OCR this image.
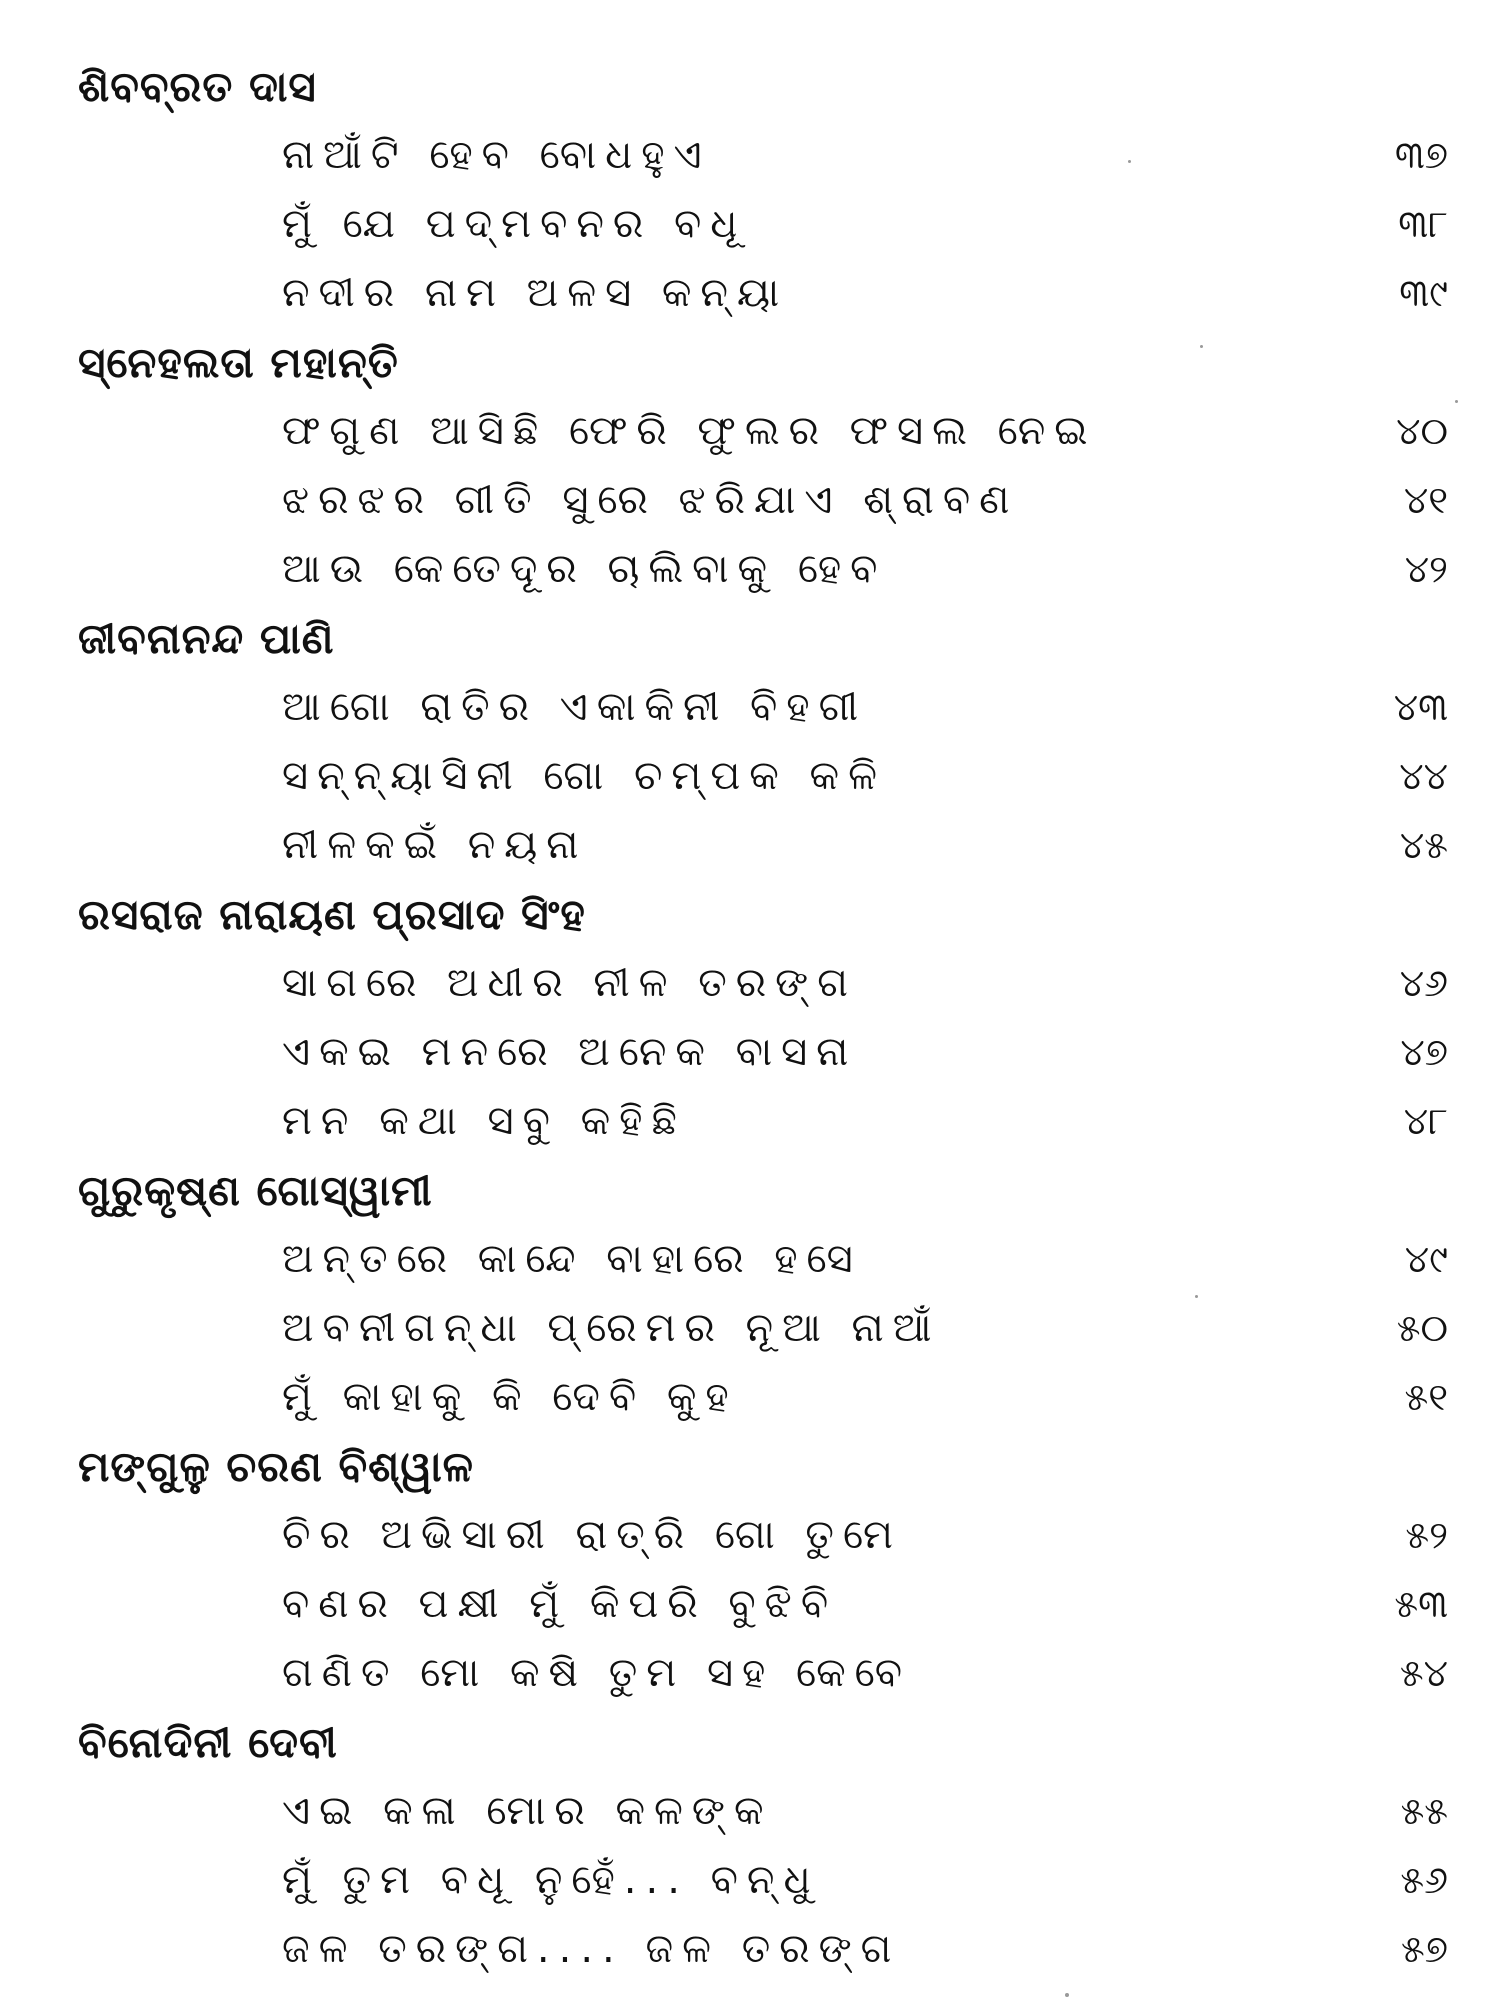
ଶିବବ୍ରତ ଦାସ
ନାଆଁଟି ହେବ ବୋଧହୁଏ	୩୭
ମୁଁ ଯେ ପଦ୍ମବନର ବଧୂ	୩୮
ନଦୀର ନାମ ଅଳସ କନ୍ୟା	୩୯
ସ୍ନେହଲତା ମହାନ୍ତି
ଫଗୁଣ ଆସିଛି ଫେରି ଫୁଲର ଫସଲ ନେଇ	୪୦
ଝରଝର ଗୀତି ସୁରେ ଝରିଯାଏ ଶ୍ରାବଣ	୪୧
ଆଉ କେତେଦୂର ଚାଲିବାକୁ ହେବ	୪୨
ଜୀବନାନନ୍ଦ ପାଣି
ଆଗୋ ରାତିର ଏକାକିନୀ ବିହଗୀ	୪୩
ସନ୍ନ୍ୟାସିନୀ ଗୋ ଚମ୍ପକ କଳି	୪୪
ନୀଳକଇଁ ନୟନା	୪୫
ରସରାଜ ନାରାୟଣ ପ୍ରସାଦ ସିଂହ
ସାଗରେ ଅଧୀର ନୀଳ ତରଙ୍ଗ	୪୬
ଏକଇ ମନରେ ଅନେକ ବାସନା	୪୭
ମନ କଥା ସବୁ କହିଛି	୪୮
ଗୁରୁକୃଷ୍ଣ ଗୋସ୍ୱାମୀ
ଅନ୍ତରେ କାନ୍ଦେ ବାହାରେ ହସେ	୪୯
ଅବନୀଗନ୍ଧା ପ୍ରେମର ନୂଆ ନାଆଁ	୫୦
ମୁଁ କାହାକୁ କି ଦେବି କୁହ	୫୧
ମଙ୍ଗୁଳୁ ଚରଣ ବିଶ୍ୱାଳ
ଚିର ଅଭିସାରୀ ରାତ୍ରି ଗୋ ତୁମେ	୫୨
ବଣର ପକ୍ଷୀ ମୁଁ କିପରି ବୁଝିବି	୫୩
ଗଣିତ ମୋ କଷି ତୁମ ସହ କେବେ	୫୪
ବିନୋଦିନୀ ଦେବୀ
ଏଇ କଳା ମୋର କଳଙ୍କ	୫୫
ମୁଁ ତୁମ ବଧୂ ନୁହେଁ... ବନ୍ଧୁ	୫୬
ଜଳ ତରଙ୍ଗ.... ଜଳ ତରଙ୍ଗ	୫୭
